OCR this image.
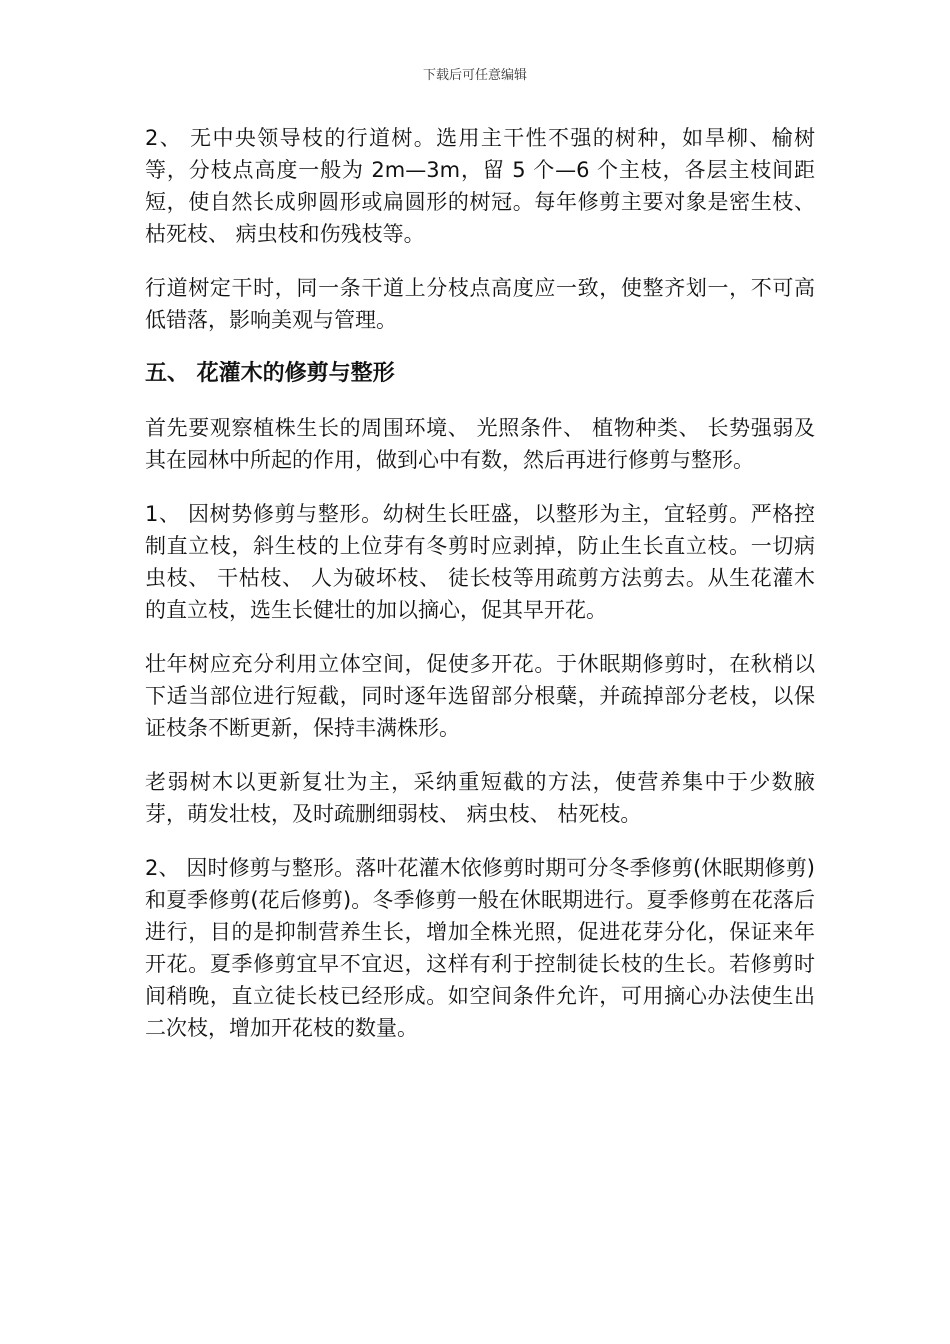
下载后可任意编辑

2、 无中央领导枝的行道树。选用主干性不强的树种，如旱柳、榆树等，分枝点高度一般为 2m—3m，留 5 个—6 个主枝，各层主枝间距短，使自然长成卵圆形或扁圆形的树冠。每年修剪主要对象是密生枝、 枯死枝、 病虫枝和伤残枝等。

行道树定干时，同一条干道上分枝点高度应一致，使整齐划一，不可高低错落，影响美观与管理。

五、 花灌木的修剪与整形

首先要观察植株生长的周围环境、 光照条件、 植物种类、 长势强弱及其在园林中所起的作用，做到心中有数，然后再进行修剪与整形。

1、 因树势修剪与整形。幼树生长旺盛，以整形为主，宜轻剪。严格控制直立枝，斜生枝的上位芽有冬剪时应剥掉，防止生长直立枝。一切病虫枝、 干枯枝、 人为破坏枝、 徒长枝等用疏剪方法剪去。从生花灌木的直立枝，选生长健壮的加以摘心，促其早开花。

壮年树应充分利用立体空间，促使多开花。于休眠期修剪时，在秋梢以下适当部位进行短截，同时逐年选留部分根蘖，并疏掉部分老枝，以保证枝条不断更新，保持丰满株形。

老弱树木以更新复壮为主，采纳重短截的方法，使营养集中于少数腋芽，萌发壮枝，及时疏删细弱枝、 病虫枝、 枯死枝。

2、 因时修剪与整形。落叶花灌木依修剪时期可分冬季修剪(休眠期修剪)和夏季修剪(花后修剪)。冬季修剪一般在休眠期进行。夏季修剪在花落后进行，目的是抑制营养生长，增加全株光照，促进花芽分化，保证来年开花。夏季修剪宜早不宜迟，这样有利于控制徒长枝的生长。若修剪时间稍晚，直立徒长枝已经形成。如空间条件允许，可用摘心办法使生出二次枝，增加开花枝的数量。
